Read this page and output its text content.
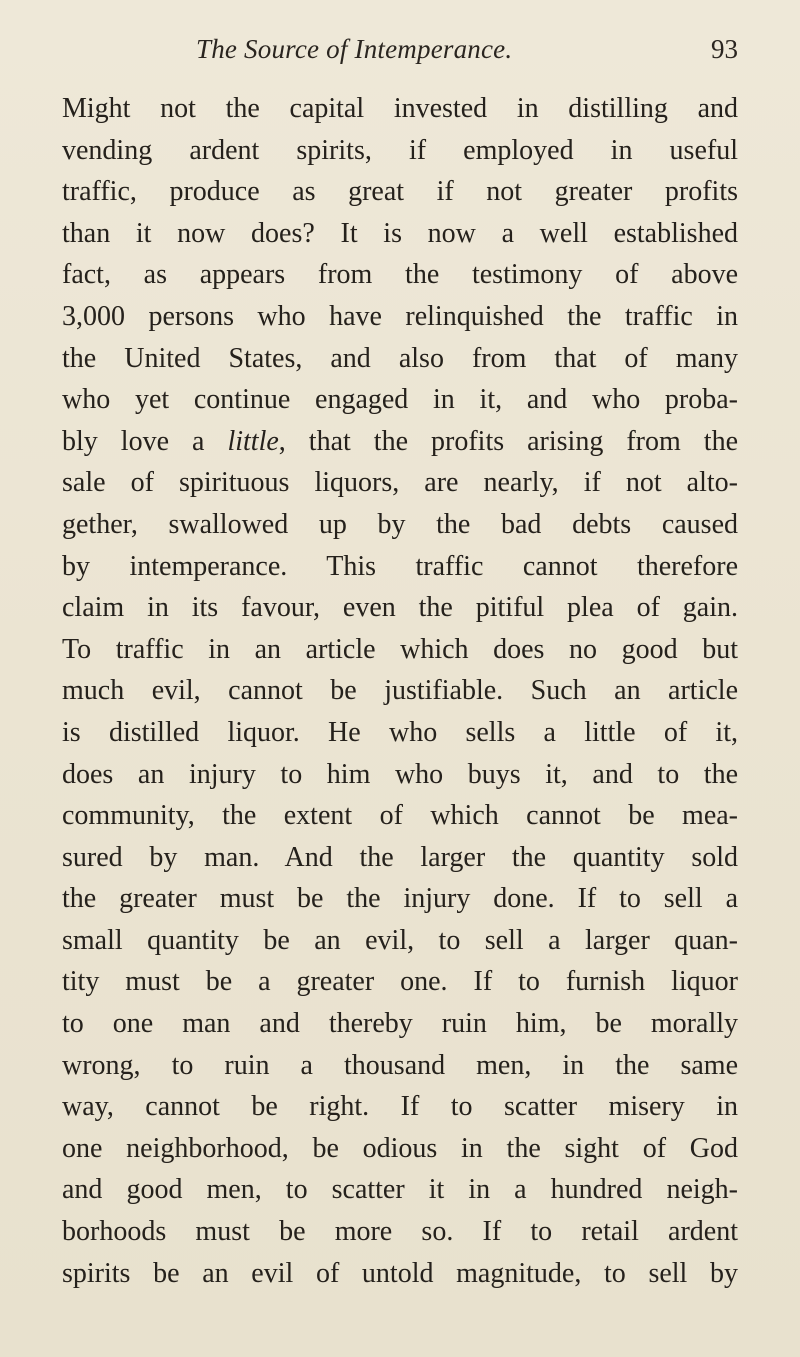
The Source of Intemperance.	93
Might not the capital invested in distilling and
vending ardent spirits, if employed in useful
traffic, produce as great if not greater profits
than it now does? It is now a well established
fact, as appears from the testimony of above
3,000 persons who have relinquished the traffic in
the United States, and also from that of many
who yet continue engaged in it, and who proba-
bly love a little, that the profits arising from the
sale of spirituous liquors, are nearly, if not alto-
gether, swallowed up by the bad debts caused
by intemperance. This traffic cannot therefore
claim in its favour, even the pitiful plea of gain.
To traffic in an article which does no good but
much evil, cannot be justifiable. Such an article
is distilled liquor. He who sells a little of it,
does an injury to him who buys it, and to the
community, the extent of which cannot be mea-
sured by man. And the larger the quantity sold
the greater must be the injury done. If to sell a
small quantity be an evil, to sell a larger quan-
tity must be a greater one. If to furnish liquor
to one man and thereby ruin him, be morally
wrong, to ruin a thousand men, in the same
way, cannot be right. If to scatter misery in
one neighborhood, be odious in the sight of God
and good men, to scatter it in a hundred neigh-
borhoods must be more so. If to retail ardent
spirits be an evil of untold magnitude, to sell by
